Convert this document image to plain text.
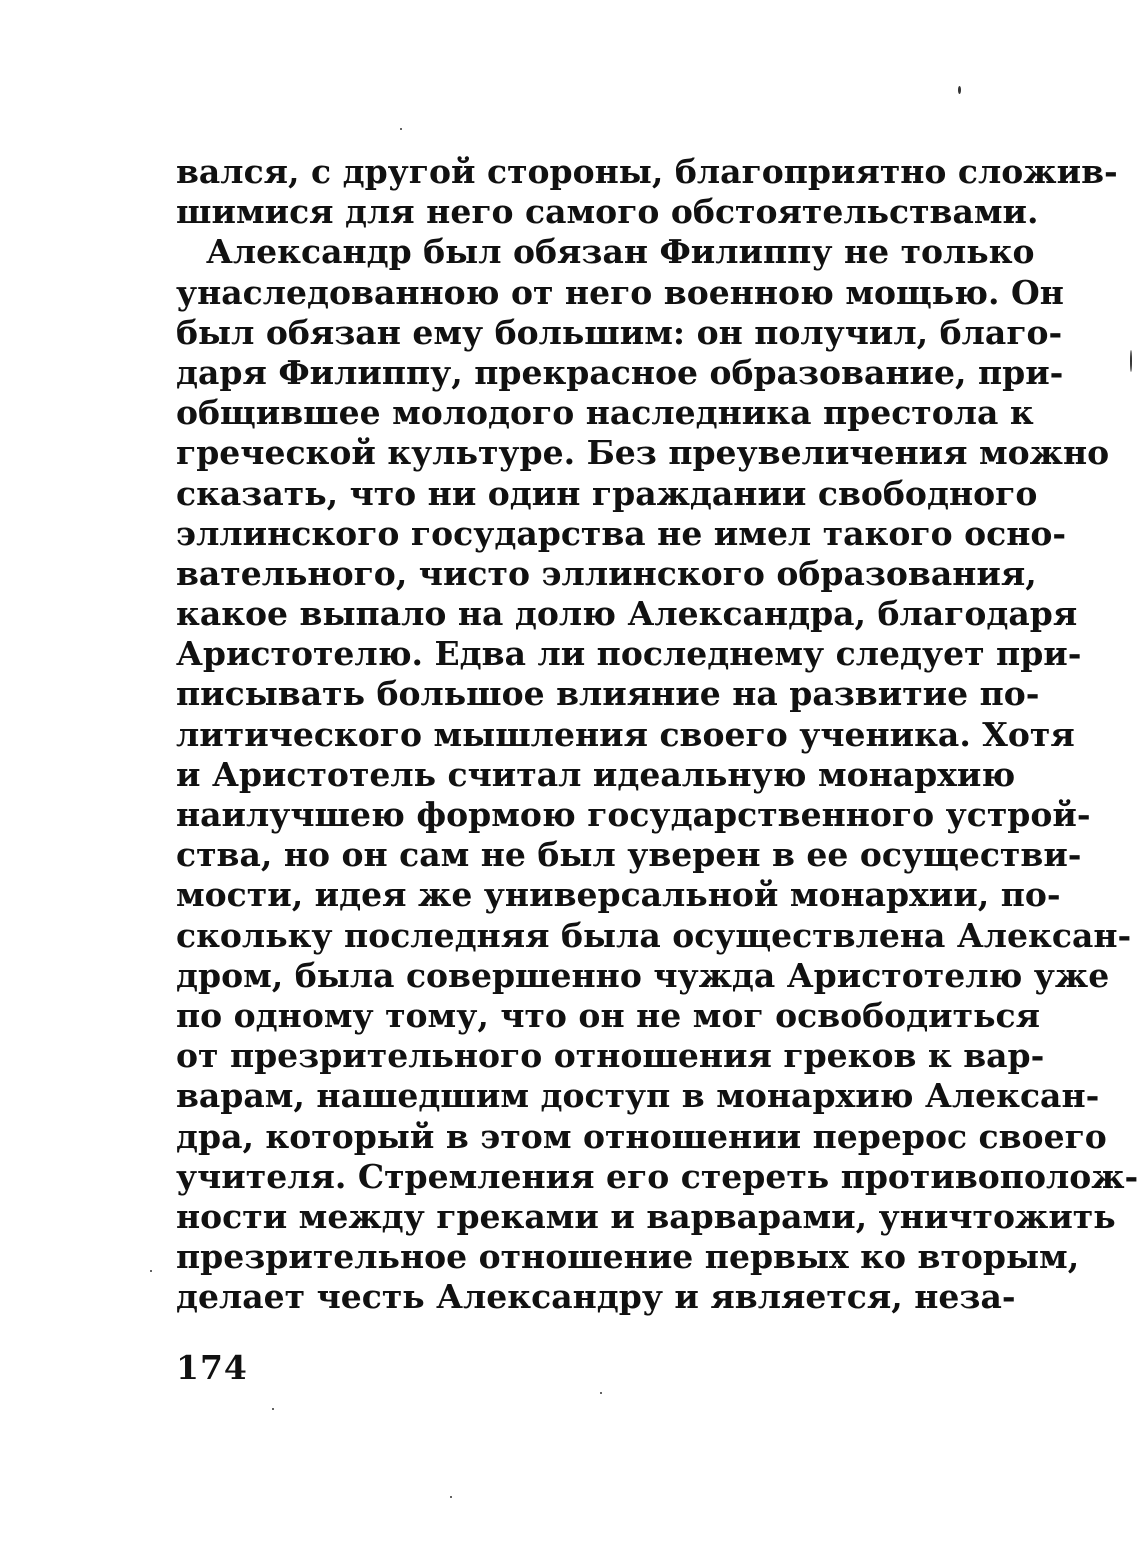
вался, с другой стороны, благоприятно сложив-
шимися для него самого обстоятельствами.
Александр был обязан Филиппу не только
унаследованною от него военною мощью. Он
был обязан ему большим: он получил, благо-
даря Филиппу, прекрасное образование, при-
общившее молодого наследника престола к
греческой культуре. Без преувеличения можно
сказать, что ни один граждании свободного
эллинского государства не имел такого осно-
вательного, чисто эллинского образования,
какое выпало на долю Александра, благодаря
Аристотелю. Едва ли последнему следует при-
писывать большое влияние на развитие по-
литического мышления своего ученика. Хотя
и Аристотель считал идеальную монархию
наилучшею формою государственного устрой-
ства, но он сам не был уверен в ее осуществи-
мости, идея же универсальной монархии, по-
скольку последняя была осуществлена Алексан-
дром, была совершенно чужда Аристотелю уже
по одному тому, что он не мог освободиться
от презрительного отношения греков к вар-
варам, нашедшим доступ в монархию Алексан-
дра, который в этом отношении перерос своего
учителя. Стремления его стереть противополож-
ности между греками и варварами, уничтожить
презрительное отношение первых ко вторым,
делает честь Александру и является, неза-
174
